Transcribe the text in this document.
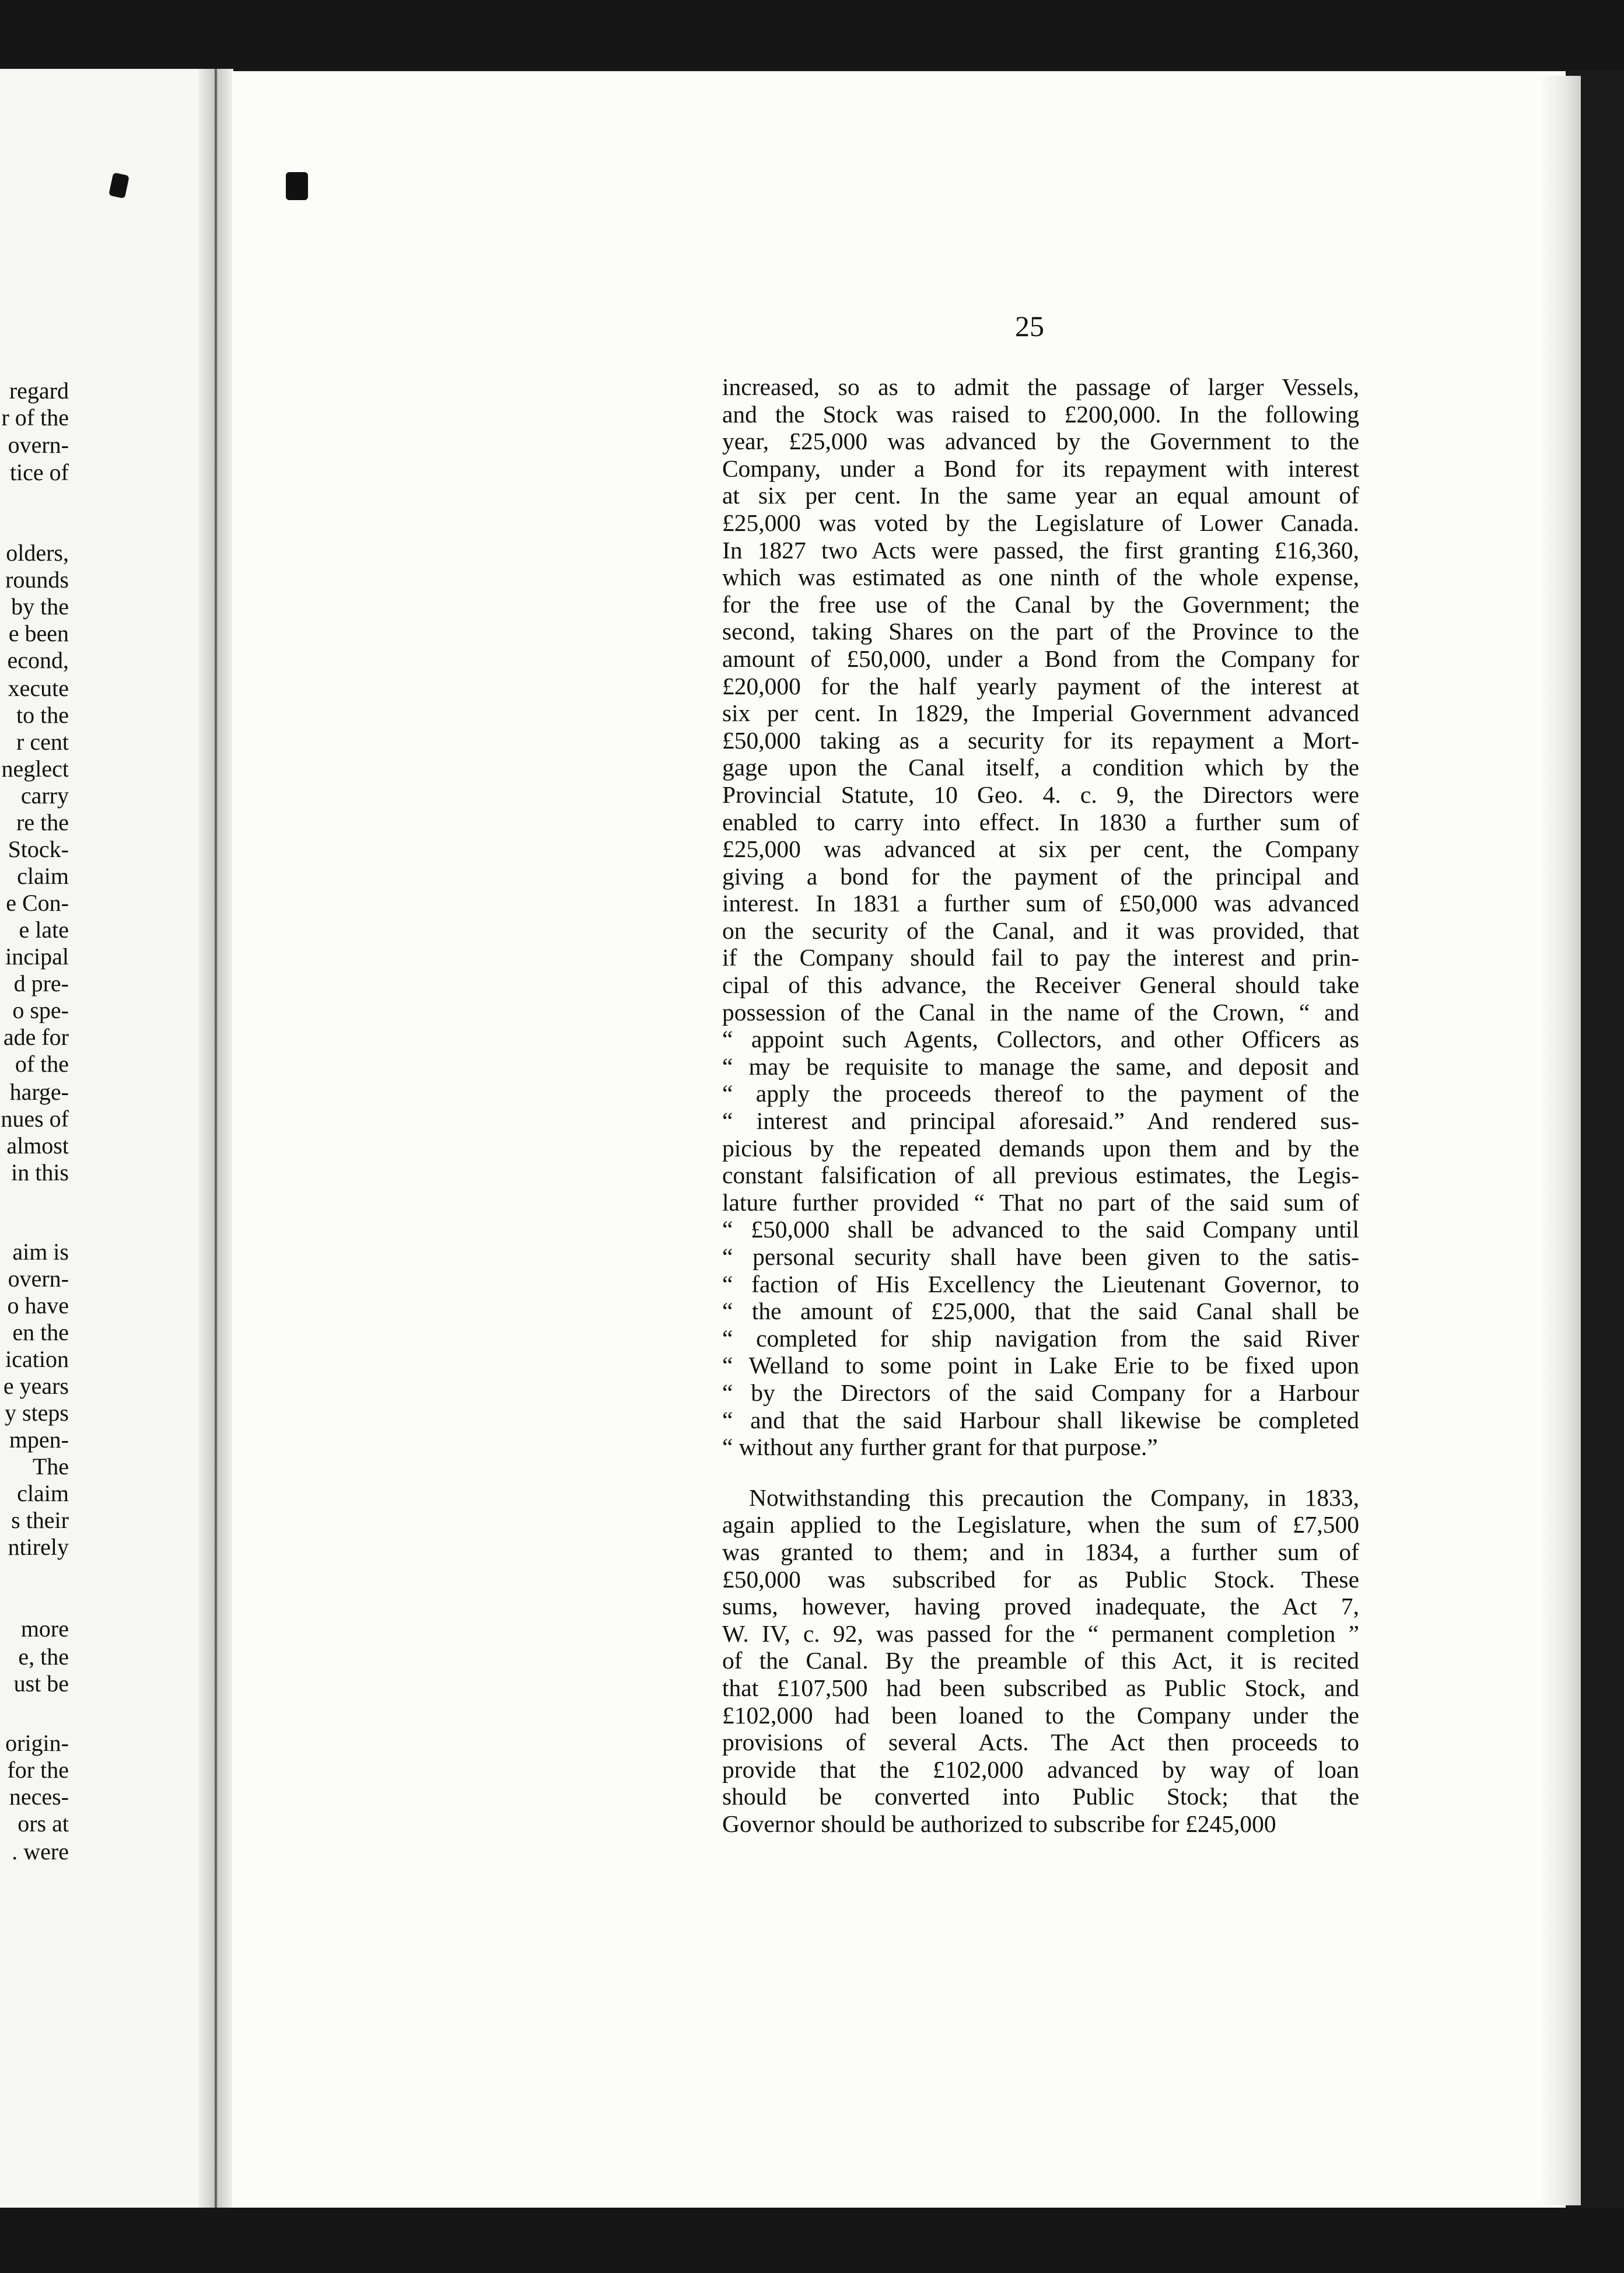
regard
r of the
overn-
tice of
olders,
rounds
by the
e been
econd,
xecute
to the
r cent
neglect
carry
re the
Stock-
claim
e Con-
e late
incipal
d pre-
o spe-
ade for
of the
harge-
nues of
almost
in this
aim is
overn-
o have
en the
ication
e years
y steps
mpen-
The
claim
s their
ntirely
more
e, the
ust be
origin-
for the
neces-
ors at
. were
25
increased, so as to admit the passage of larger Vessels,
and the Stock was raised to £200,000. In the following
year, £25,000 was advanced by the Government to the
Company, under a Bond for its repayment with interest
at six per cent. In the same year an equal amount of
£25,000 was voted by the Legislature of Lower Canada.
In 1827 two Acts were passed, the first granting £16,360,
which was estimated as one ninth of the whole expense,
for the free use of the Canal by the Government; the
second, taking Shares on the part of the Province to the
amount of £50,000, under a Bond from the Company for
£20,000 for the half yearly payment of the interest at
six per cent. In 1829, the Imperial Government advanced
£50,000 taking as a security for its repayment a Mort-
gage upon the Canal itself, a condition which by the
Provincial Statute, 10 Geo. 4. c. 9, the Directors were
enabled to carry into effect. In 1830 a further sum of
£25,000 was advanced at six per cent, the Company
giving a bond for the payment of the principal and
interest. In 1831 a further sum of £50,000 was advanced
on the security of the Canal, and it was provided, that
if the Company should fail to pay the interest and prin-
cipal of this advance, the Receiver General should take
possession of the Canal in the name of the Crown, “ and
“ appoint such Agents, Collectors, and other Officers as
“ may be requisite to manage the same, and deposit and
“ apply the proceeds thereof to the payment of the
“ interest and principal aforesaid.” And rendered sus-
picious by the repeated demands upon them and by the
constant falsification of all previous estimates, the Legis-
lature further provided “ That no part of the said sum of
“ £50,000 shall be advanced to the said Company until
“ personal security shall have been given to the satis-
“ faction of His Excellency the Lieutenant Governor, to
“ the amount of £25,000, that the said Canal shall be
“ completed for ship navigation from the said River
“ Welland to some point in Lake Erie to be fixed upon
“ by the Directors of the said Company for a Harbour
“ and that the said Harbour shall likewise be completed
“ without any further grant for that purpose.”
Notwithstanding this precaution the Company, in 1833,
again applied to the Legislature, when the sum of £7,500
was granted to them; and in 1834, a further sum of
£50,000 was subscribed for as Public Stock. These
sums, however, having proved inadequate, the Act 7,
W. IV, c. 92, was passed for the “ permanent completion ”
of the Canal. By the preamble of this Act, it is recited
that £107,500 had been subscribed as Public Stock, and
£102,000 had been loaned to the Company under the
provisions of several Acts. The Act then proceeds to
provide that the £102,000 advanced by way of loan
should be converted into Public Stock; that the
Governor should be authorized to subscribe for £245,000
